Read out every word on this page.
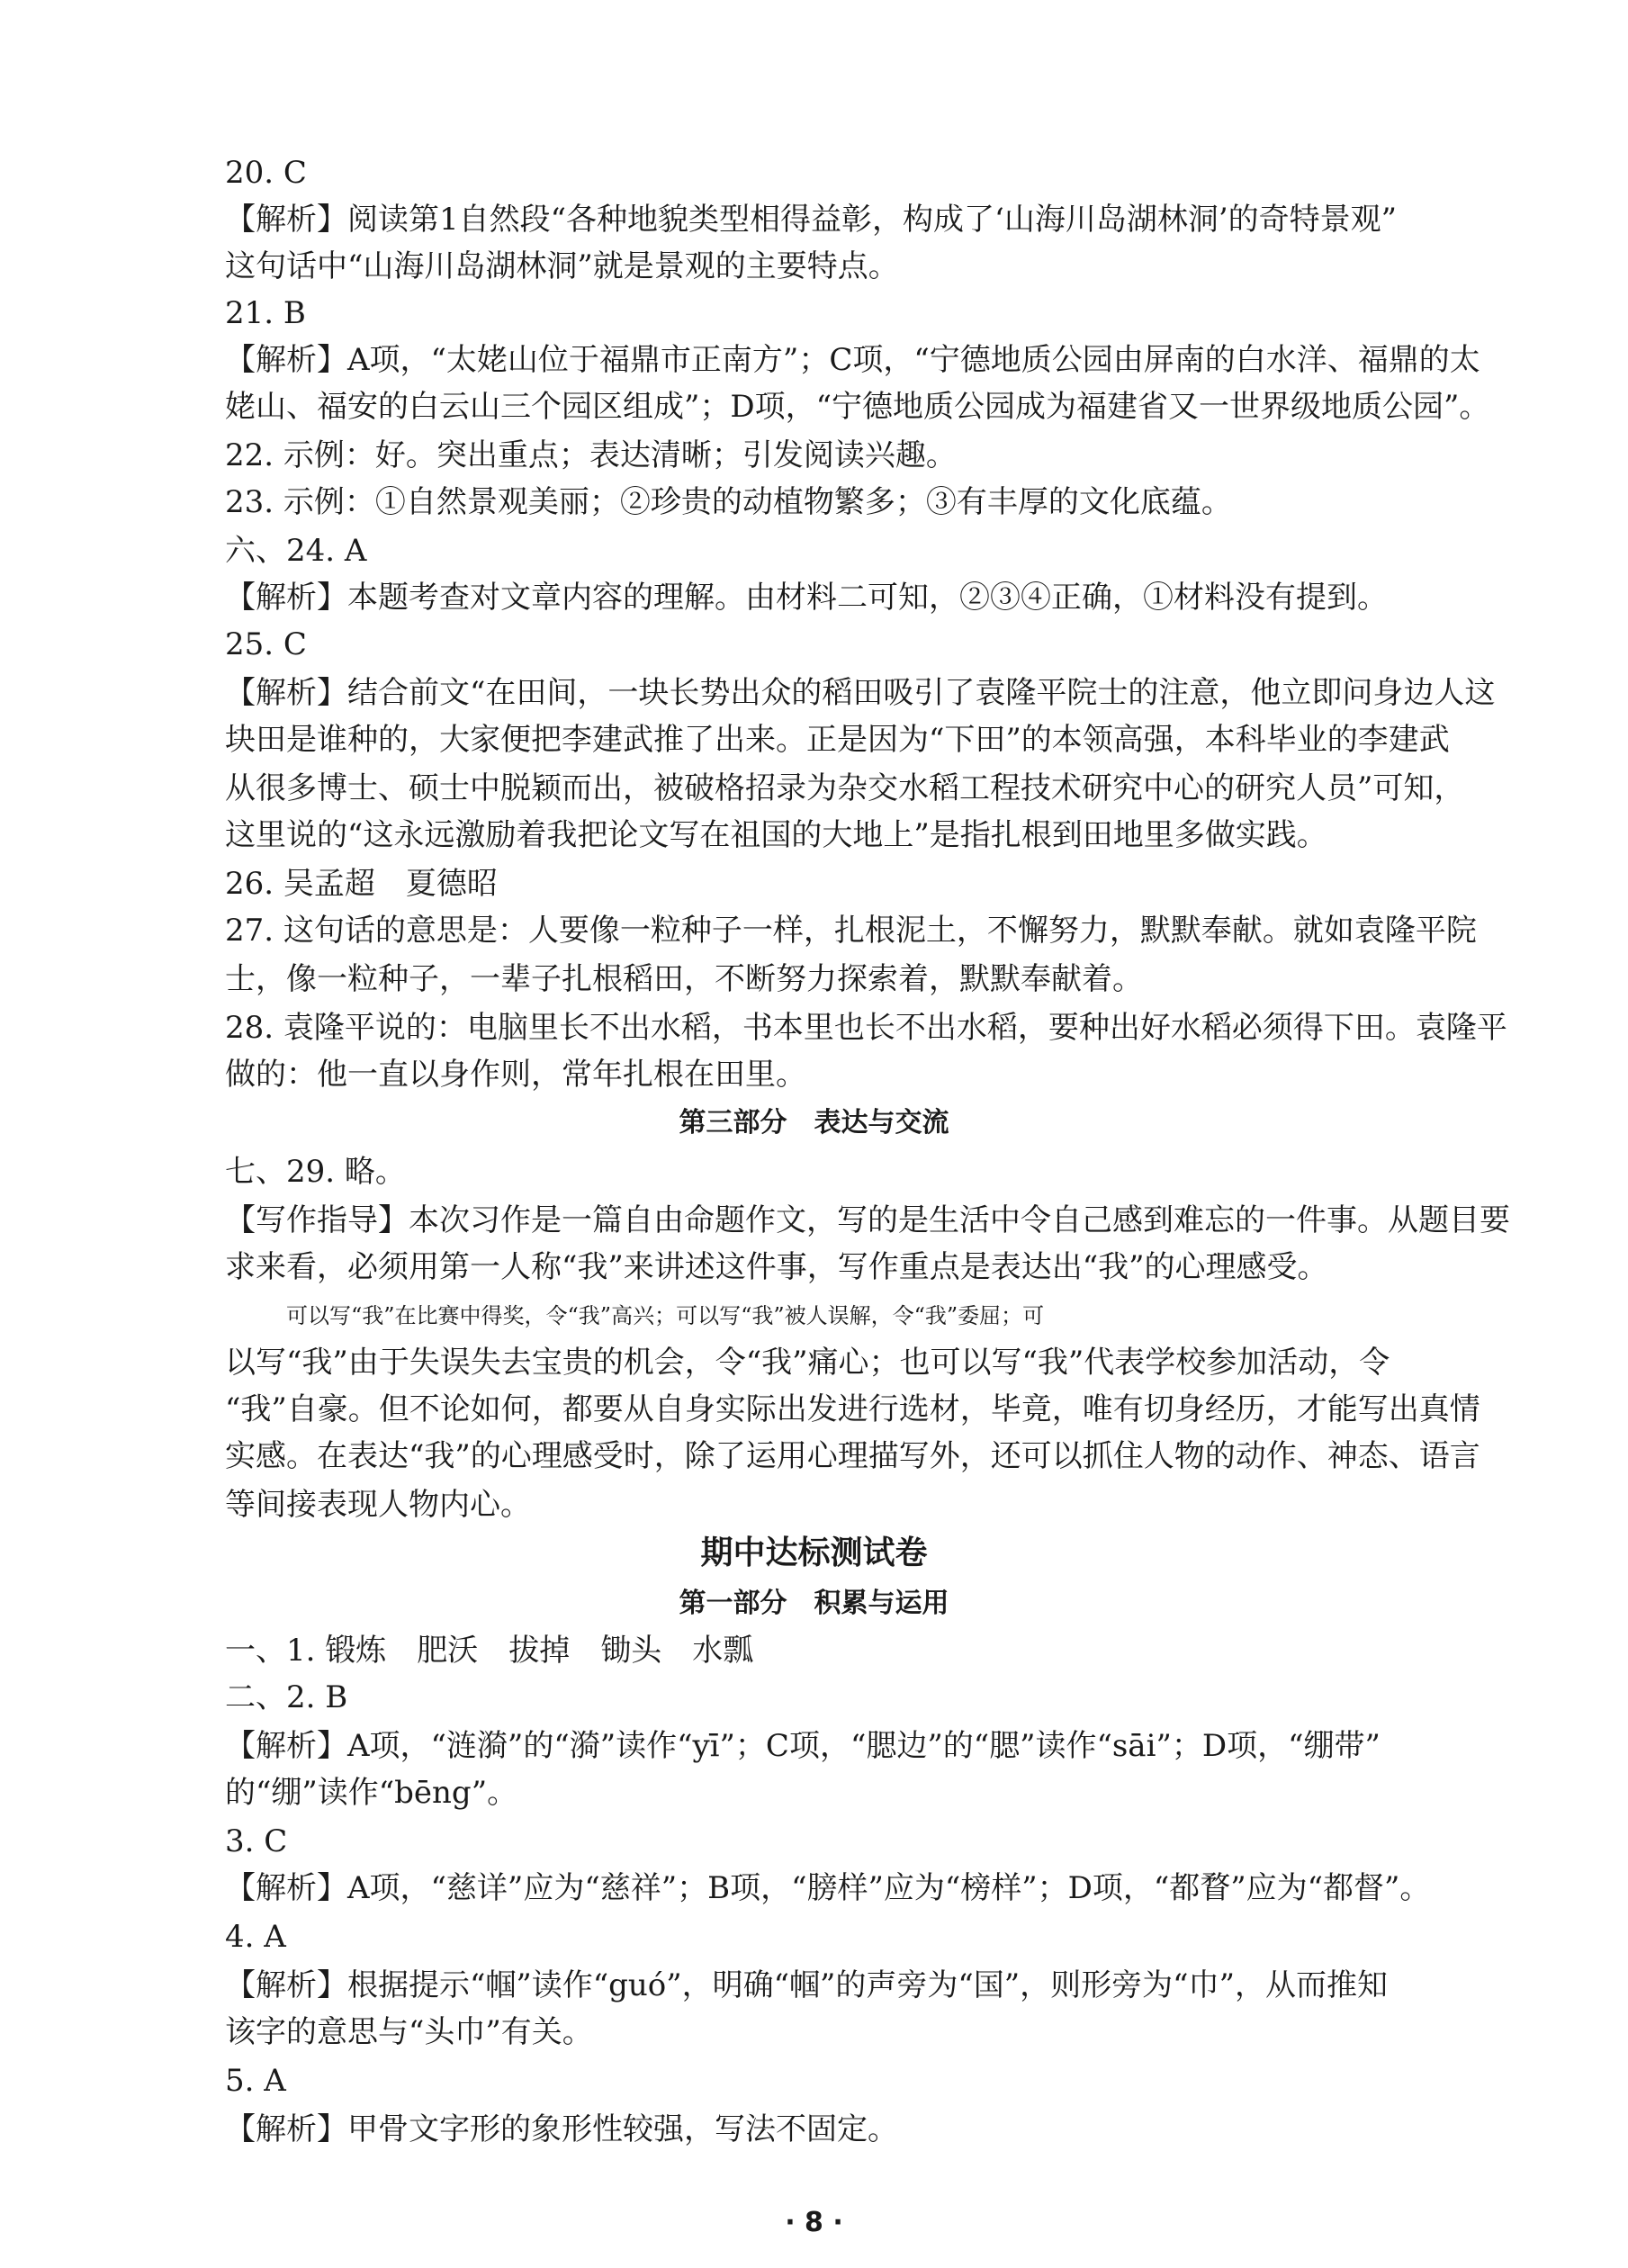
20. C
【解析】阅读第1自然段“各种地貌类型相得益彰，构成了‘山海川岛湖林洞’的奇特景观”
这句话中“山海川岛湖林洞”就是景观的主要特点。
21. B
【解析】A项，“太姥山位于福鼎市正南方”；C项，“宁德地质公园由屏南的白水洋、福鼎的太
姥山、福安的白云山三个园区组成”；D项，“宁德地质公园成为福建省又一世界级地质公园”。
22. 示例：好。突出重点；表达清晰；引发阅读兴趣。
23. 示例：①自然景观美丽；②珍贵的动植物繁多；③有丰厚的文化底蕴。
六、24. A
【解析】本题考查对文章内容的理解。由材料二可知，②③④正确，①材料没有提到。
25. C
【解析】结合前文“在田间，一块长势出众的稻田吸引了袁隆平院士的注意，他立即问身边人这
块田是谁种的，大家便把李建武推了出来。正是因为“下田”的本领高强，本科毕业的李建武
从很多博士、硕士中脱颖而出，被破格招录为杂交水稻工程技术研究中心的研究人员”可知，
这里说的“这永远激励着我把论文写在祖国的大地上”是指扎根到田地里多做实践。
26. 吴孟超　夏德昭
27. 这句话的意思是：人要像一粒种子一样，扎根泥土，不懈努力，默默奉献。就如袁隆平院
士，像一粒种子，一辈子扎根稻田，不断努力探索着，默默奉献着。
28. 袁隆平说的：电脑里长不出水稻，书本里也长不出水稻，要种出好水稻必须得下田。袁隆平
做的：他一直以身作则，常年扎根在田里。
第三部分　表达与交流
七、29. 略。
【写作指导】本次习作是一篇自由命题作文，写的是生活中令自己感到难忘的一件事。从题目要
求来看，必须用第一人称“我”来讲述这件事，写作重点是表达出“我”的心理感受。
可以写“我”在比赛中得奖，令“我”高兴；可以写“我”被人误解，令“我”委屈；可
以写“我”由于失误失去宝贵的机会，令“我”痛心；也可以写“我”代表学校参加活动，令
“我”自豪。但不论如何，都要从自身实际出发进行选材，毕竟，唯有切身经历，才能写出真情
实感。在表达“我”的心理感受时，除了运用心理描写外，还可以抓住人物的动作、神态、语言
等间接表现人物内心。
期中达标测试卷
第一部分　积累与运用
一、1. 锻炼　肥沃　拔掉　锄头　水瓢
二、2. B
【解析】A项，“涟漪”的“漪”读作“yī”；C项，“腮边”的“腮”读作“sāi”；D项，“绷带”
的“绷”读作“bēng”。
3. C
【解析】A项，“慈详”应为“慈祥”；B项，“膀样”应为“榜样”；D项，“都瞀”应为“都督”。
4. A
【解析】根据提示“帼”读作“guó”，明确“帼”的声旁为“国”，则形旁为“巾”，从而推知
该字的意思与“头巾”有关。
5. A
【解析】甲骨文字形的象形性较强，写法不固定。
· 8 ·
